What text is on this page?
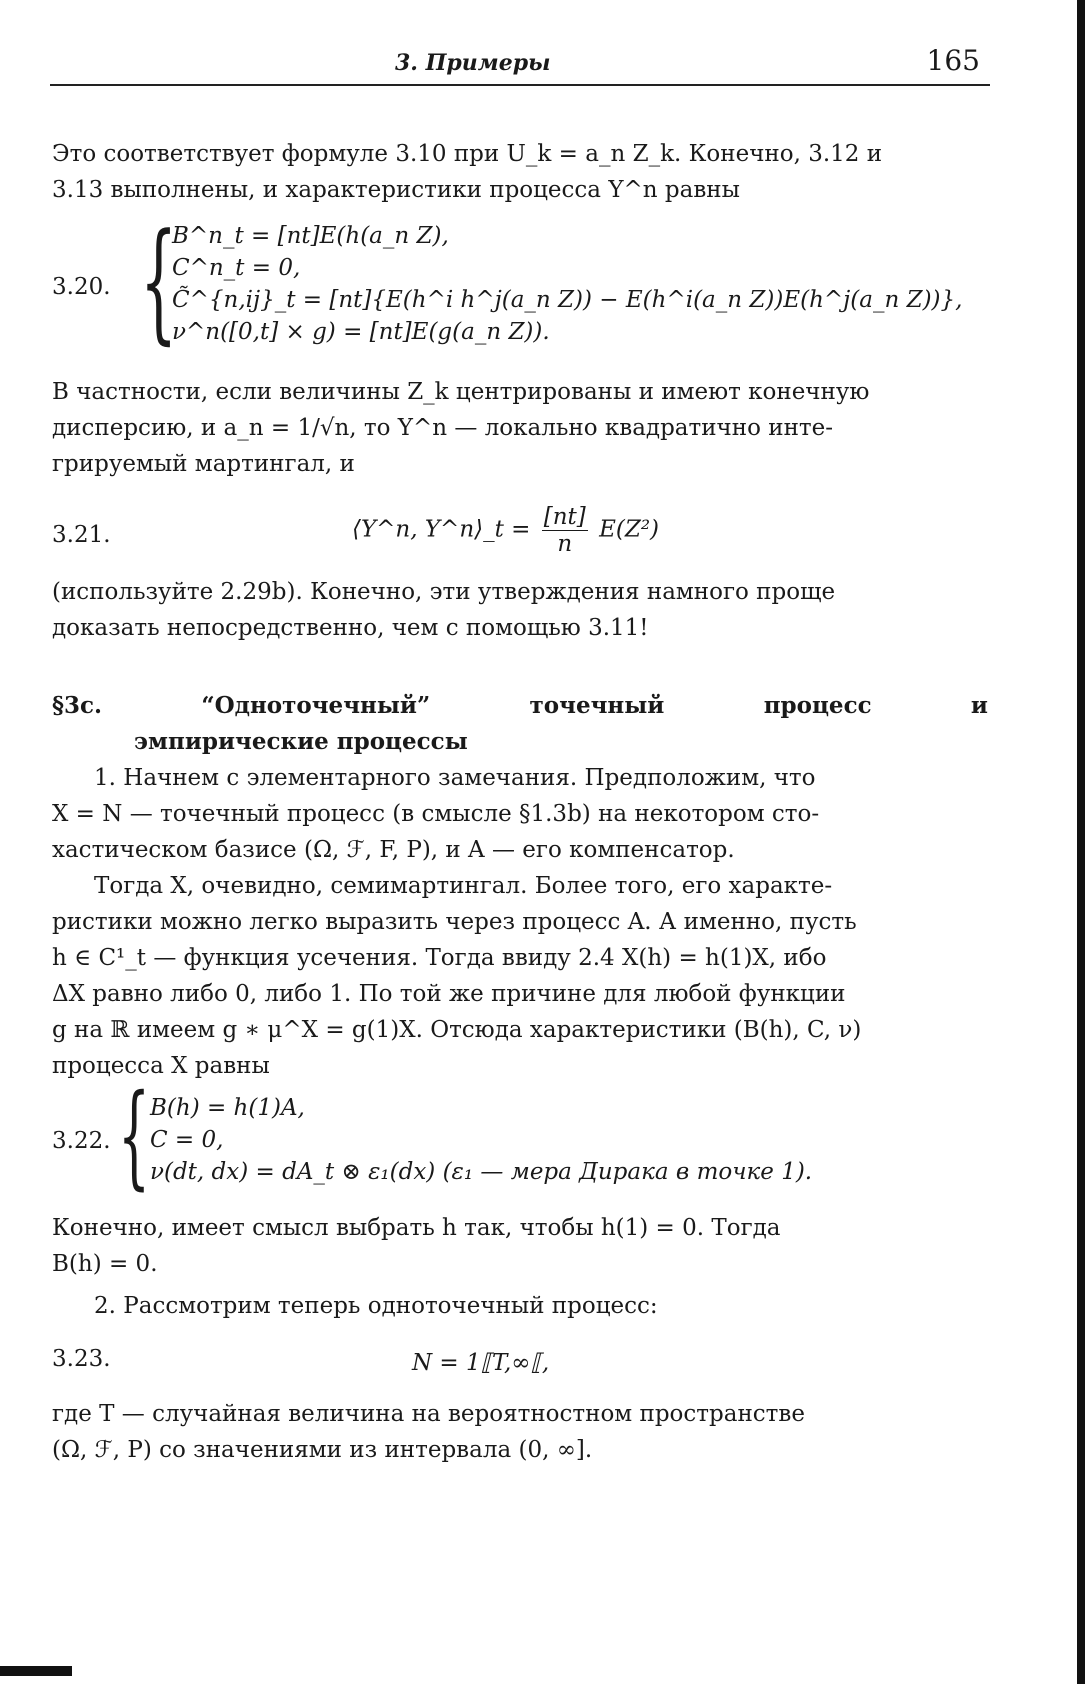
3. Примеры	165
Это соответствует формуле 3.10 при U_k = a_n Z_k. Конечно, 3.12 и
3.13 выполнены, и характеристики процесса Y^n равны
3.20. {
B^n_t = [nt]E(h(a_n Z),
C^n_t = 0,
C̃^{n,ij}_t = [nt]{E(h^i h^j(a_n Z)) − E(h^i(a_n Z))E(h^j(a_n Z))},
ν^n([0,t] × g) = [nt]E(g(a_n Z)).
В частности, если величины Z_k центрированы и имеют конечную
дисперсию, и a_n = 1/√n, то Y^n — локально квадратично инте-
грируемый мартингал, и
3.21.	⟨Y^n, Y^n⟩_t = $\frac{[nt]}{n} E(Z^2)$
(используйте 2.29b). Конечно, эти утверждения намного проще
доказать непосредственно, чем с помощью 3.11!
§3c.	“Одноточечный”	точечный	процесс	и
эмпирические процессы
1. Начнем с элементарного замечания. Предположим, что
X = N — точечный процесс (в смысле §1.3b) на некотором сто-
хастическом базисе (Ω, ℱ, F, P), и A — его компенсатор.
Тогда X, очевидно, семимартингал. Более того, его характе-
ристики можно легко выразить через процесс A. А именно, пусть
h ∈ C¹_t — функция усечения. Тогда ввиду 2.4 X(h) = h(1)X, ибо
ΔX равно либо 0, либо 1. По той же причине для любой функции
g на ℝ имеем g ∗ μ^X = g(1)X. Отсюда характеристики (B(h), C, ν)
процесса X равны
3.22. { B(h) = h(1)A,
C = 0,
ν(dt, dx) = dA_t ⊗ ε₁(dx) (ε₁ — мера Дирака в точке 1).
Конечно, имеет смысл выбрать h так, чтобы h(1) = 0. Тогда
B(h) = 0.
2. Рассмотрим теперь одноточечный процесс:
3.23.	N = 1⟦T,∞⟦,
где T — случайная величина на вероятностном пространстве
(Ω, ℱ, P) со значениями из интервала (0, ∞].
